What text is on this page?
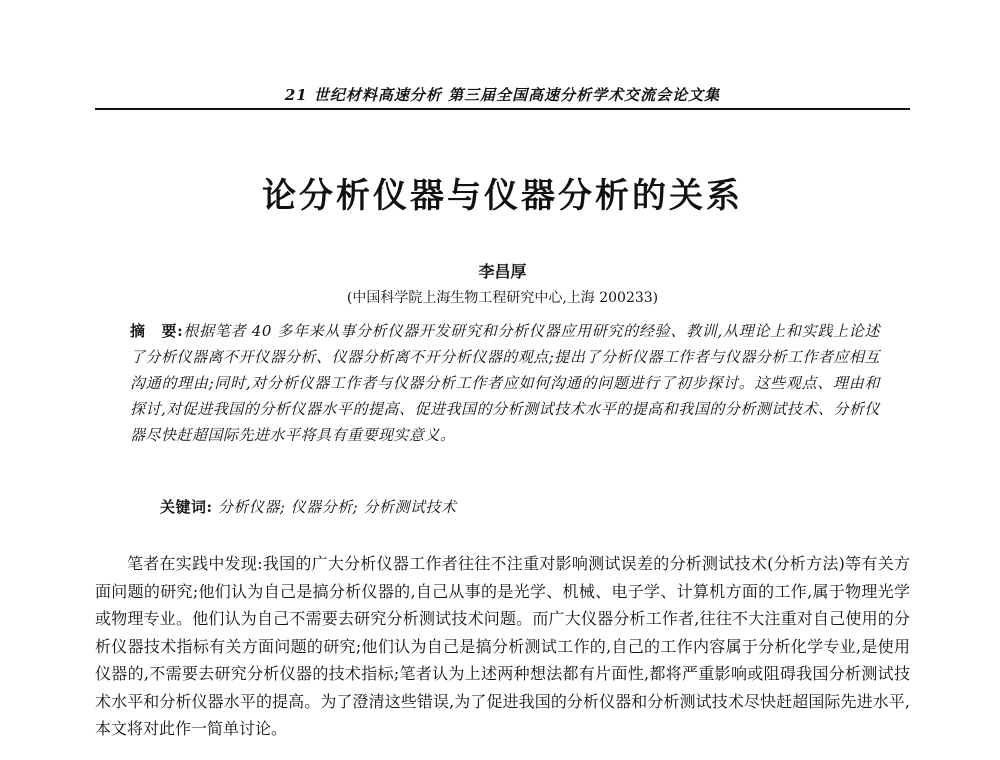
21 世纪材料高速分析 第三届全国高速分析学术交流会论文集
论分析仪器与仪器分析的关系
李昌厚
(中国科学院上海生物工程研究中心,上海 200233)
摘　要:根据笔者 40 多年来从事分析仪器开发研究和分析仪器应用研究的经验、教训,从理论上和实践上论述了分析仪器离不开仪器分析、仪器分析离不开分析仪器的观点;提出了分析仪器工作者与仪器分析工作者应相互沟通的理由;同时,对分析仪器工作者与仪器分析工作者应如何沟通的问题进行了初步探讨。这些观点、理由和探讨,对促进我国的分析仪器水平的提高、促进我国的分析测试技术水平的提高和我国的分析测试技术、分析仪器尽快赶超国际先进水平将具有重要现实意义。
关键词: 分析仪器; 仪器分析; 分析测试技术
笔者在实践中发现:我国的广大分析仪器工作者往往不注重对影响测试误差的分析测试技术(分析方法)等有关方面问题的研究;他们认为自己是搞分析仪器的,自己从事的是光学、机械、电子学、计算机方面的工作,属于物理光学或物理专业。他们认为自己不需要去研究分析测试技术问题。而广大仪器分析工作者,往往不大注重对自己使用的分析仪器技术指标有关方面问题的研究;他们认为自己是搞分析测试工作的,自己的工作内容属于分析化学专业,是使用仪器的,不需要去研究分析仪器的技术指标;笔者认为上述两种想法都有片面性,都将严重影响或阻碍我国分析测试技术水平和分析仪器水平的提高。为了澄清这些错误,为了促进我国的分析仪器和分析测试技术尽快赶超国际先进水平,本文将对此作一简单讨论。
